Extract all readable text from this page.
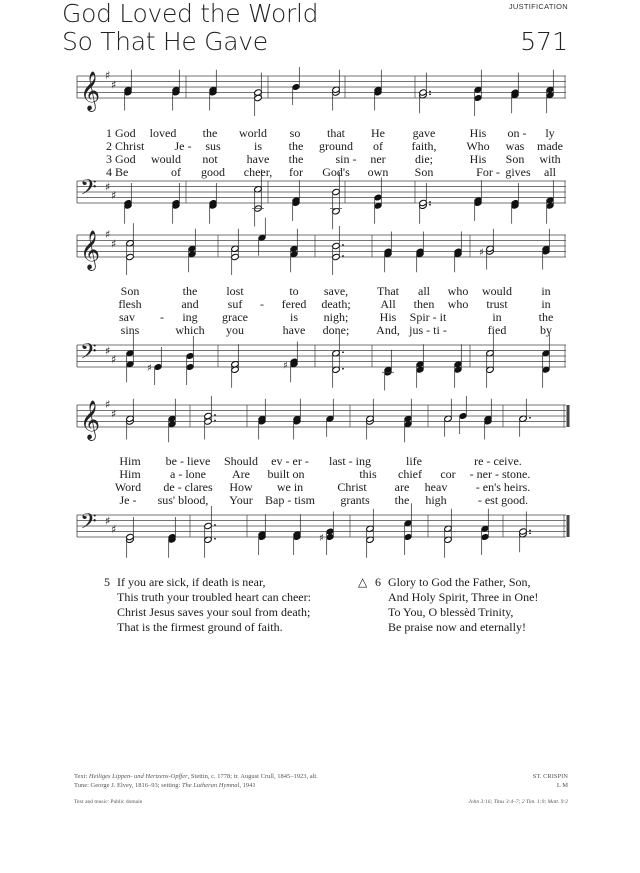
God Loved the World
So That He Gave
JUSTIFICATION
571
𝄞 ♯
♯
𝄢 ♯
♯
𝄞 ♯
♯
♯
𝄢 ♯
♯
♯	♯
𝄞 ♯
♯
𝄢 ♯
♯
♯
1 God loved the world so that He gave	His on - ly
2 Christ	Je - sus	is the ground of faith, Who was made
3 God would not have the	sin - ner die;	His Son with
4 Be	of good cheer, for God's own Son	For - gives all
Son	the lost	to save, That all who would in
flesh	and suf - fered death; All then who trust	in
sav - ing grace	is nigh;	His Spir - it	in	the
sins	which you	have done; And, jus - ti -	fied	by
Him be - lieve Should ev - er - last - ing	life	re - ceive.
Him a - lone Are built on	this chief cor - ner - stone.
Word de - clares How we in	Christ are heav - en's heirs.
Je - sus' blood, Your Bap - tism grants the high	- est good.
5 If you are sick, if death is near,
This truth your troubled heart can cheer:
Christ Jesus saves your soul from death;
That is the firmest ground of faith.
△ 6 Glory to God the Father, Son,
And Holy Spirit, Three in One!
To You, O blessèd Trinity,
Be praise now and eternally!
Text: Heiliges Lippen- und Hertzens-Opffer, Stettin, c. 1778; tr. August Crull, 1845–1923, alt.
Tune: George J. Elvey, 1816–93; setting: The Lutheran Hymnal, 1941
Text and music: Public domain
ST. CRISPIN
L M
John 3:16; Titus 3:4–7; 2 Tim. 1:9; Matt. 9:2
